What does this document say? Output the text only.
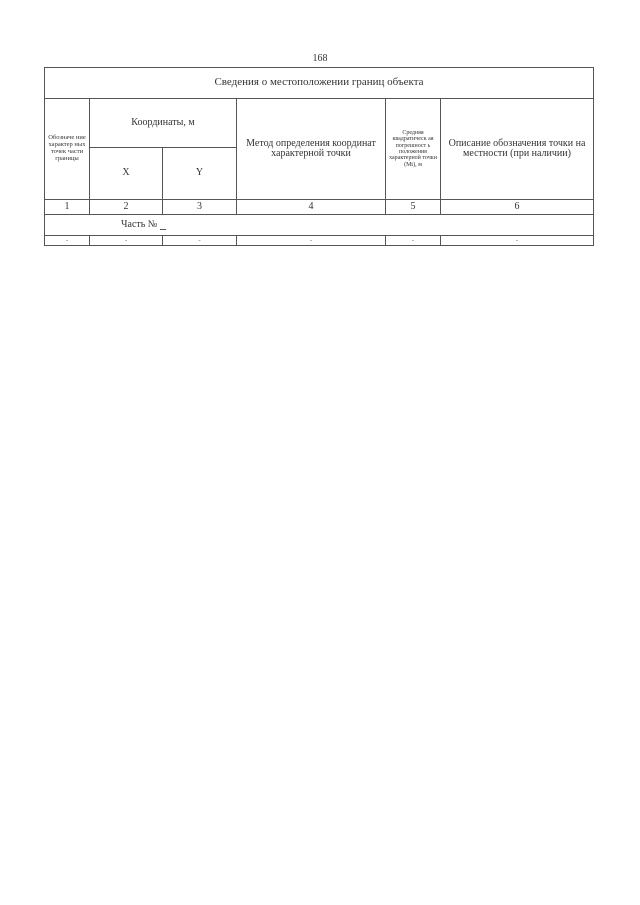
168
Сведения о местоположении границ объекта					
Обозначе ние характер ных точек части границы	Координаты, м		Метод определения координат характерной точки	Средняя квадратическ ая погрешност ь положения характерной точки (Mt), м	Описание обозначения точки на местности (при наличии)
	X	Y			
1	2	3	4	5	6
Часть №					
-	-	-	-	-	-
